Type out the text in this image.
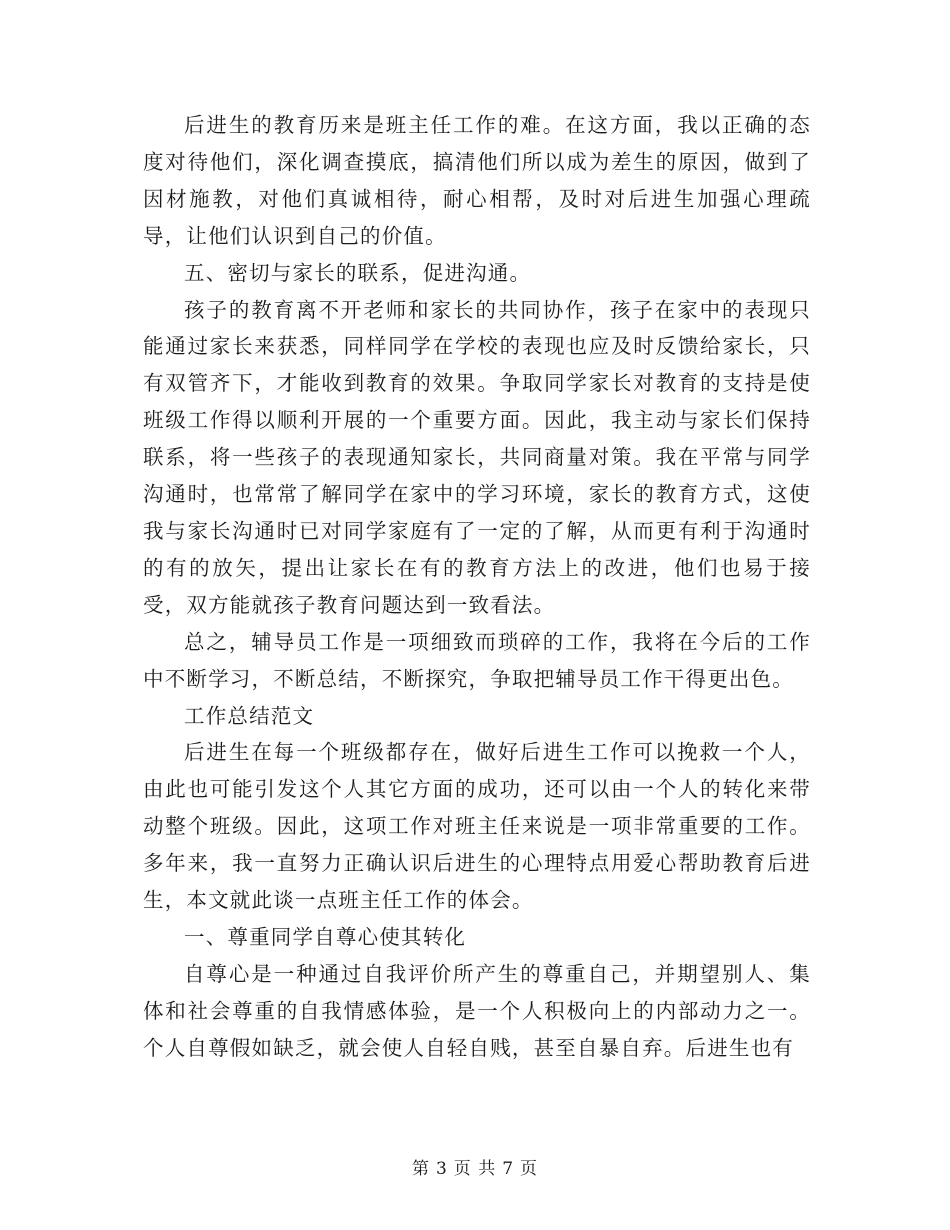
后进生的教育历来是班主任工作的难。在这方面，我以正确的态度对待他们，深化调查摸底，搞清他们所以成为差生的原因，做到了因材施教，对他们真诚相待，耐心相帮，及时对后进生加强心理疏导，让他们认识到自己的价值。

五、密切与家长的联系，促进沟通。

孩子的教育离不开老师和家长的共同协作，孩子在家中的表现只能通过家长来获悉，同样同学在学校的表现也应及时反馈给家长，只有双管齐下，才能收到教育的效果。争取同学家长对教育的支持是使班级工作得以顺利开展的一个重要方面。因此，我主动与家长们保持联系，将一些孩子的表现通知家长，共同商量对策。我在平常与同学沟通时，也常常了解同学在家中的学习环境，家长的教育方式，这使我与家长沟通时已对同学家庭有了一定的了解，从而更有利于沟通时的有的放矢，提出让家长在有的教育方法上的改进，他们也易于接受，双方能就孩子教育问题达到一致看法。

总之，辅导员工作是一项细致而琐碎的工作，我将在今后的工作中不断学习，不断总结，不断探究，争取把辅导员工作干得更出色。

工作总结范文

后进生在每一个班级都存在，做好后进生工作可以挽救一个人，由此也可能引发这个人其它方面的成功，还可以由一个人的转化来带动整个班级。因此，这项工作对班主任来说是一项非常重要的工作。多年来，我一直努力正确认识后进生的心理特点用爱心帮助教育后进生，本文就此谈一点班主任工作的体会。

一、尊重同学自尊心使其转化

自尊心是一种通过自我评价所产生的尊重自己，并期望别人、集体和社会尊重的自我情感体验，是一个人积极向上的内部动力之一。个人自尊假如缺乏，就会使人自轻自贱，甚至自暴自弃。后进生也有

第 3 页 共 7 页
